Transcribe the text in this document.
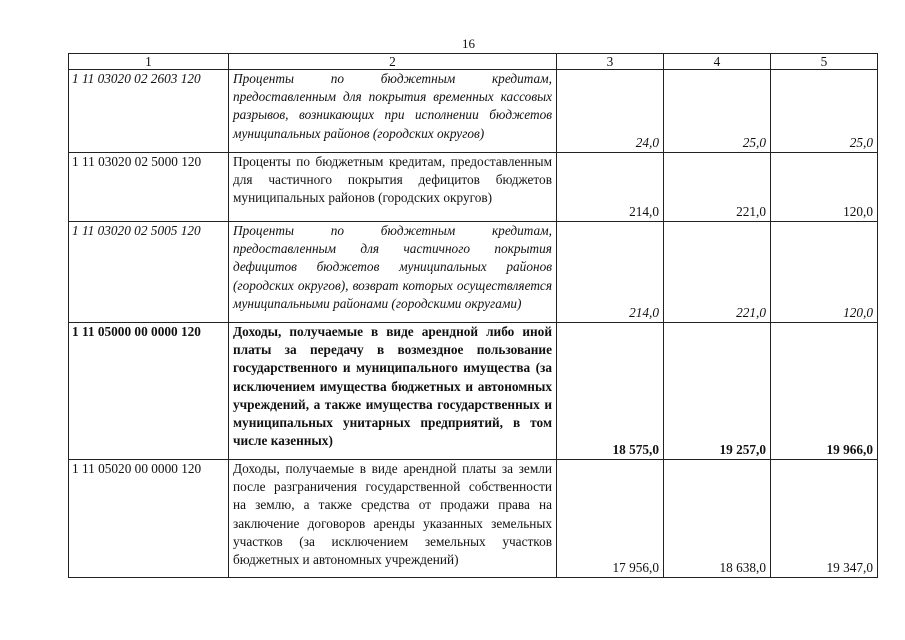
16
1	2	3	4	5
1 11 03020 02 2603 120	Проценты по бюджетным кредитам, предоставленным для покрытия временных кассовых разрывов, возникающих при исполнении бюджетов муниципальных районов (городских округов)	24,0	25,0	25,0
1 11 03020 02 5000 120	Проценты по бюджетным кредитам, предоставленным для частичного покрытия дефицитов бюджетов муниципальных районов (городских округов)	214,0	221,0	120,0
1 11 03020 02 5005 120	Проценты по бюджетным кредитам, предоставленным для частичного покрытия дефицитов бюджетов муниципальных районов (городских округов), возврат которых осуществляется муниципальными районами (городскими округами)	214,0	221,0	120,0
1 11 05000 00 0000 120	Доходы, получаемые в виде арендной либо иной платы за передачу в возмездное пользование государственного и муниципального имущества (за исключением имущества бюджетных и автономных учреждений, а также имущества государственных и муниципальных унитарных предприятий, в том числе казенных)	18 575,0	19 257,0	19 966,0
1 11 05020 00 0000 120	Доходы, получаемые в виде арендной платы за земли после разграничения государственной собственности на землю, а также средства от продажи права на заключение договоров аренды указанных земельных участков (за исключением земельных участков бюджетных и автономных учреждений)	17 956,0	18 638,0	19 347,0
